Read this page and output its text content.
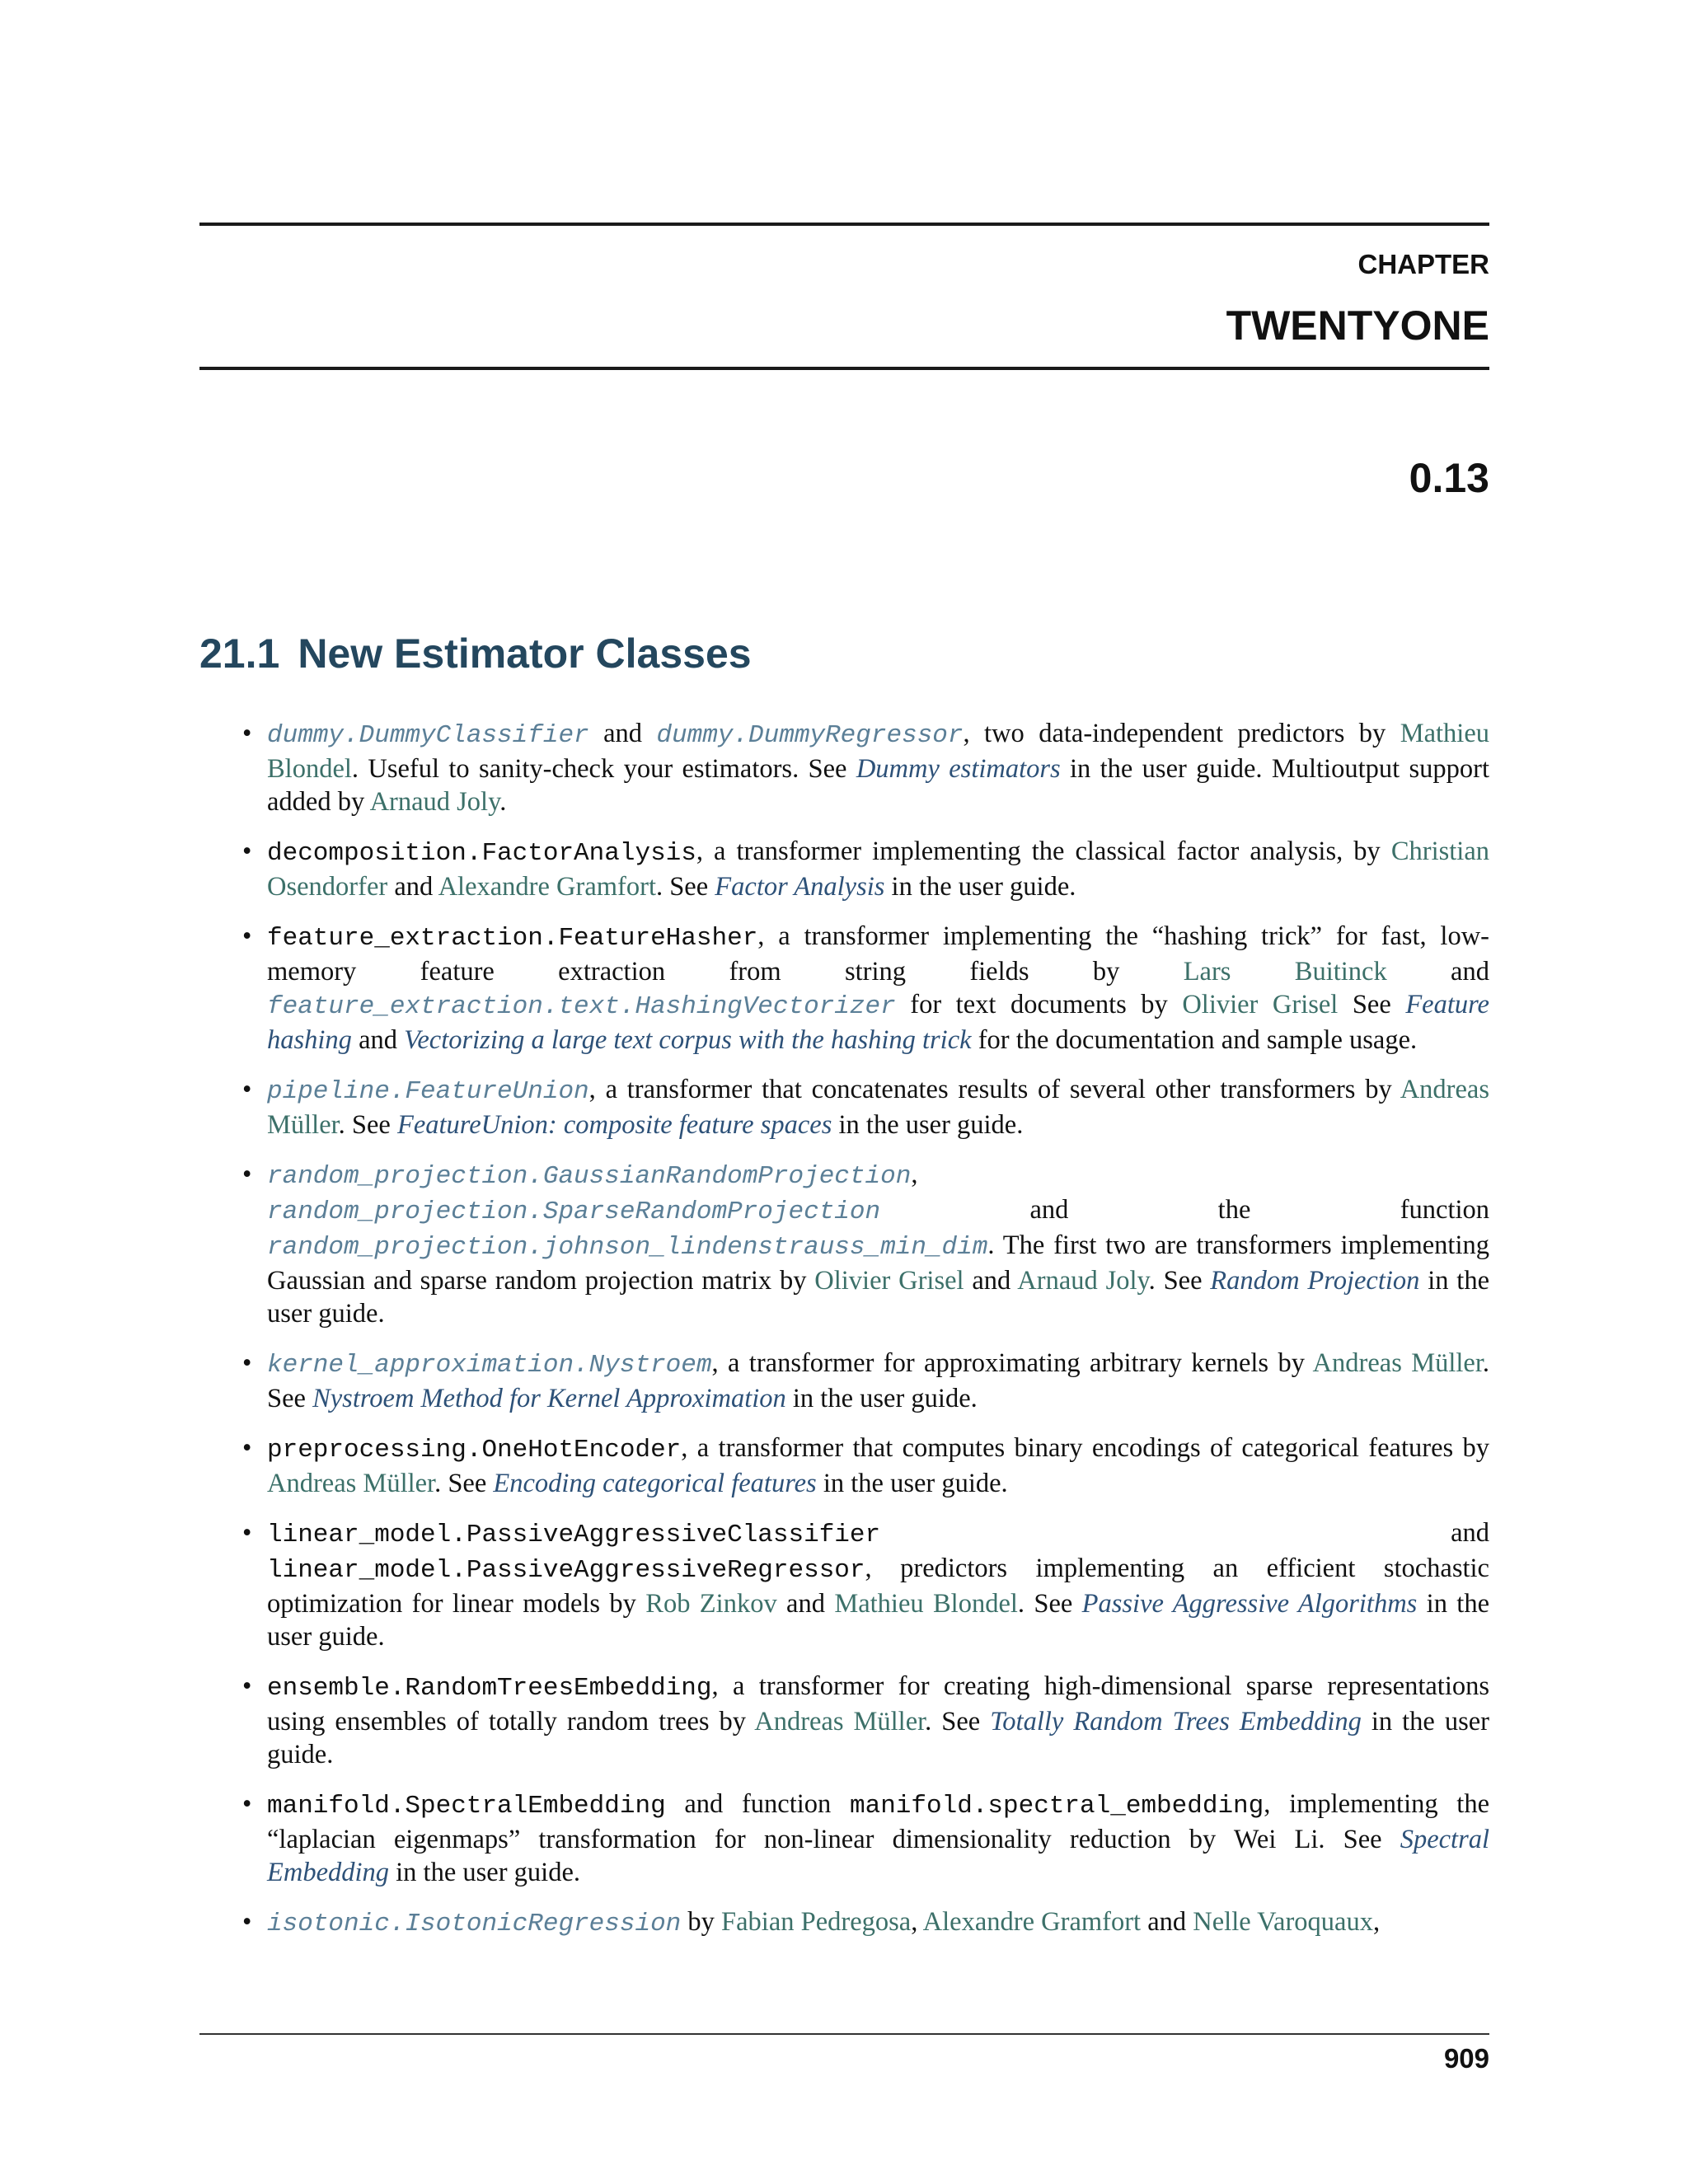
CHAPTER
TWENTYONE
0.13
21.1 New Estimator Classes
• dummy.DummyClassifier and dummy.DummyRegressor, two data-independent predictors by Mathieu Blondel. Useful to sanity-check your estimators. See Dummy estimators in the user guide. Multioutput support added by Arnaud Joly.
• decomposition.FactorAnalysis, a transformer implementing the classical factor analysis, by Christian Osendorfer and Alexandre Gramfort. See Factor Analysis in the user guide.
• feature_extraction.FeatureHasher, a transformer implementing the “hashing trick” for fast, low-memory feature extraction from string fields by Lars Buitinck and feature_extraction.text.HashingVectorizer for text documents by Olivier Grisel See Feature hashing and Vectorizing a large text corpus with the hashing trick for the documentation and sample usage.
• pipeline.FeatureUnion, a transformer that concatenates results of several other transformers by Andreas Müller. See FeatureUnion: composite feature spaces in the user guide.
• random_projection.GaussianRandomProjection, random_projection.SparseRandomProjection and the function random_projection.johnson_lindenstrauss_min_dim. The first two are transformers implementing Gaussian and sparse random projection matrix by Olivier Grisel and Arnaud Joly. See Random Projection in the user guide.
• kernel_approximation.Nystroem, a transformer for approximating arbitrary kernels by Andreas Müller. See Nystroem Method for Kernel Approximation in the user guide.
• preprocessing.OneHotEncoder, a transformer that computes binary encodings of categorical features by Andreas Müller. See Encoding categorical features in the user guide.
• linear_model.PassiveAggressiveClassifier and linear_model.PassiveAggressiveRegressor, predictors implementing an efficient stochastic optimization for linear models by Rob Zinkov and Mathieu Blondel. See Passive Aggressive Algorithms in the user guide.
• ensemble.RandomTreesEmbedding, a transformer for creating high-dimensional sparse representations using ensembles of totally random trees by Andreas Müller. See Totally Random Trees Embedding in the user guide.
• manifold.SpectralEmbedding and function manifold.spectral_embedding, implementing the “laplacian eigenmaps” transformation for non-linear dimensionality reduction by Wei Li. See Spectral Embedding in the user guide.
• isotonic.IsotonicRegression by Fabian Pedregosa, Alexandre Gramfort and Nelle Varoquaux,
909
